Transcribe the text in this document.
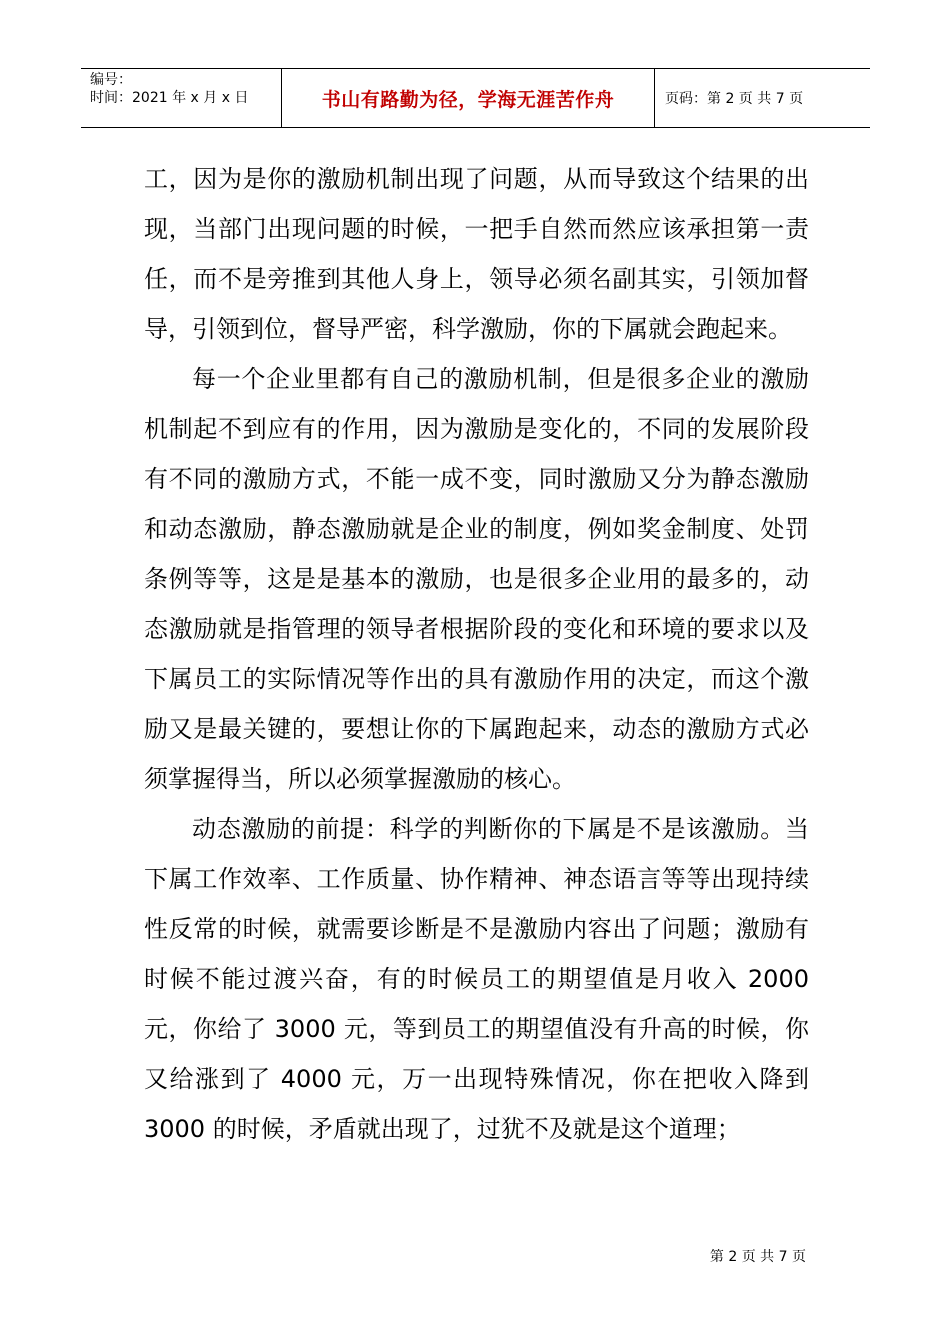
编号：
时间：2021 年 x 月 x 日	书山有路勤为径，学海无涯苦作舟	页码：第 2 页 共 7 页

工，因为是你的激励机制出现了问题，从而导致这个结果的出现，当部门出现问题的时候，一把手自然而然应该承担第一责任，而不是旁推到其他人身上，领导必须名副其实，引领加督导，引领到位，督导严密，科学激励，你的下属就会跑起来。

每一个企业里都有自己的激励机制，但是很多企业的激励机制起不到应有的作用，因为激励是变化的，不同的发展阶段有不同的激励方式，不能一成不变，同时激励又分为静态激励和动态激励，静态激励就是企业的制度，例如奖金制度、处罚条例等等，这是是基本的激励，也是很多企业用的最多的，动态激励就是指管理的领导者根据阶段的变化和环境的要求以及下属员工的实际情况等作出的具有激励作用的决定，而这个激励又是最关键的，要想让你的下属跑起来，动态的激励方式必须掌握得当，所以必须掌握激励的核心。

动态激励的前提：科学的判断你的下属是不是该激励。当下属工作效率、工作质量、协作精神、神态语言等等出现持续性反常的时候，就需要诊断是不是激励内容出了问题；激励有时候不能过渡兴奋，有的时候员工的期望值是月收入 2000 元，你给了 3000 元，等到员工的期望值没有升高的时候，你又给涨到了 4000 元，万一出现特殊情况，你在把收入降到 3000 的时候，矛盾就出现了，过犹不及就是这个道理；

第 2 页 共 7 页
